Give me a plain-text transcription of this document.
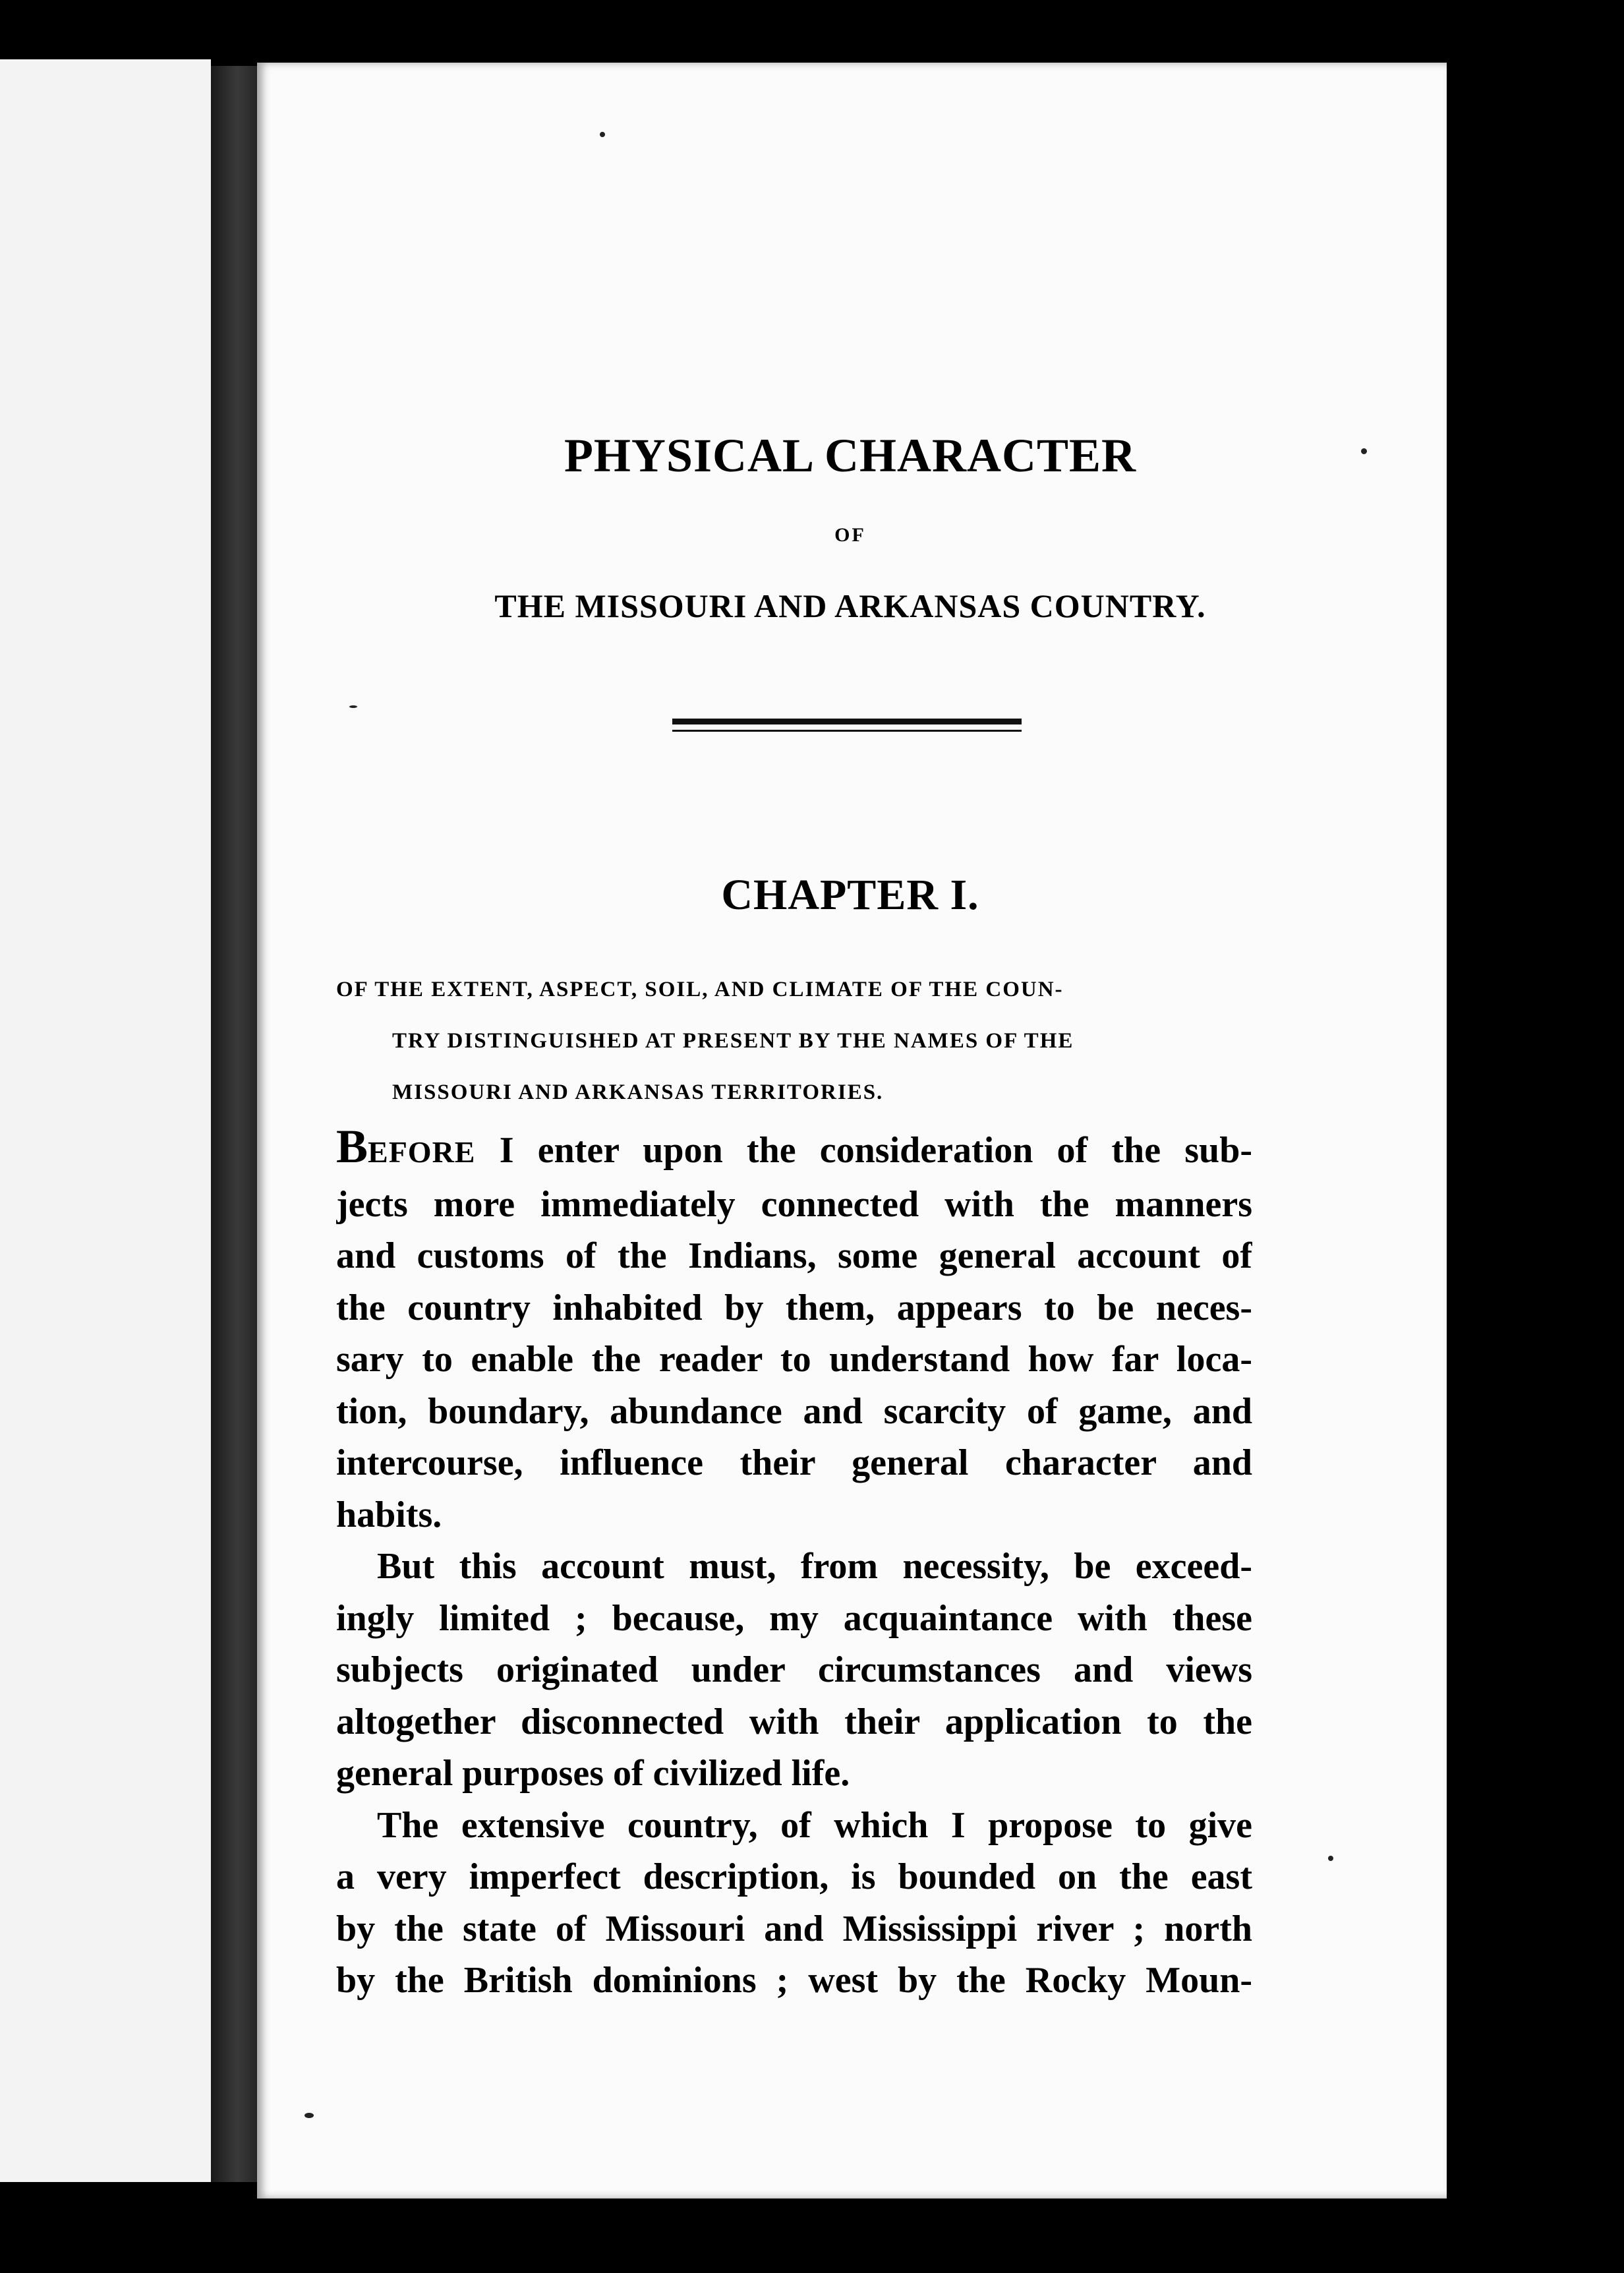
PHYSICAL CHARACTER
OF
THE MISSOURI AND ARKANSAS COUNTRY.
CHAPTER I.
OF THE EXTENT, ASPECT, SOIL, AND CLIMATE OF THE COUN-
TRY DISTINGUISHED AT PRESENT BY THE NAMES OF THE
MISSOURI AND ARKANSAS TERRITORIES.
BEFORE I enter upon the consideration of the sub-
jects more immediately connected with the manners
and customs of the Indians, some general account of
the country inhabited by them, appears to be neces-
sary to enable the reader to understand how far loca-
tion, boundary, abundance and scarcity of game, and
intercourse, influence their general character and
habits.
But this account must, from necessity, be exceed-
ingly limited ; because, my acquaintance with these
subjects originated under circumstances and views
altogether disconnected with their application to the
general purposes of civilized life.
The extensive country, of which I propose to give
a very imperfect description, is bounded on the east
by the state of Missouri and Mississippi river ; north
by the British dominions ; west by the Rocky Moun-
